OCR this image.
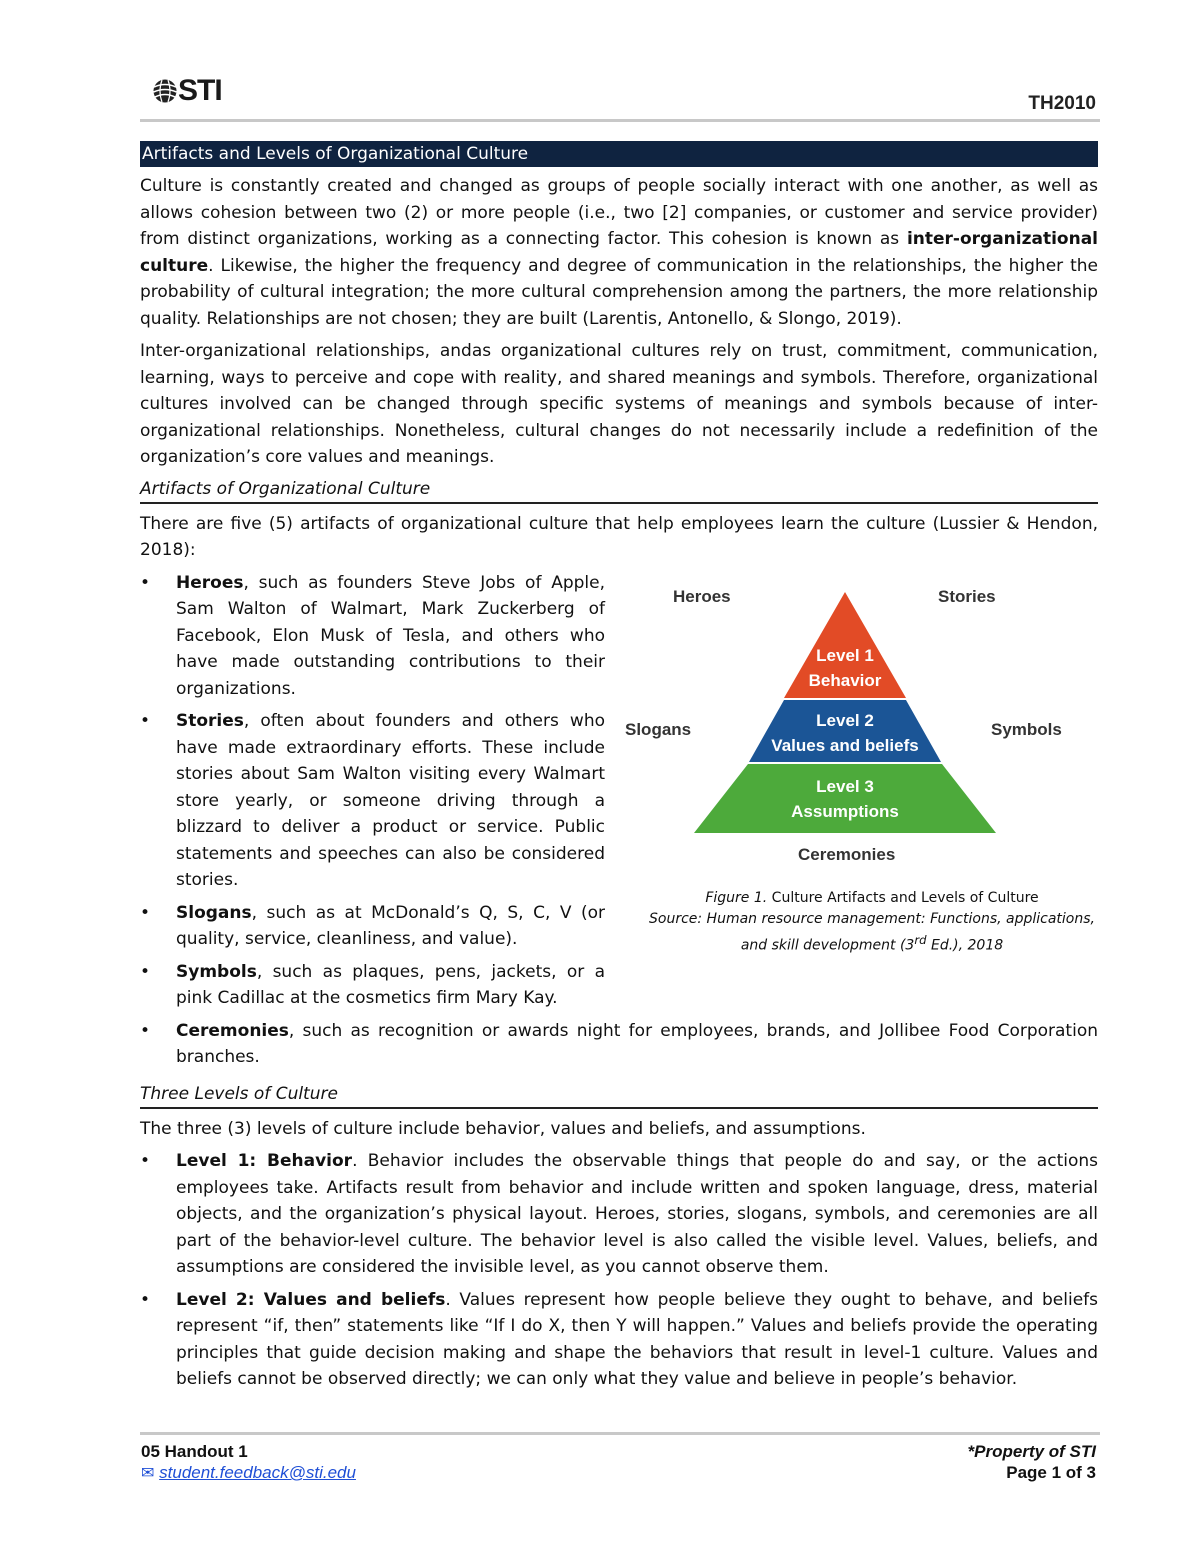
STI	TH2010
Artifacts and Levels of Organizational Culture

Culture is constantly created and changed as groups of people socially interact with one another, as well as allows cohesion between two (2) or more people (i.e., two [2] companies, or customer and service provider) from distinct organizations, working as a connecting factor. This cohesion is known as inter-organizational culture. Likewise, the higher the frequency and degree of communication in the relationships, the higher the probability of cultural integration; the more cultural comprehension among the partners, the more relationship quality. Relationships are not chosen; they are built (Larentis, Antonello, & Slongo, 2019).

Inter-organizational relationships, andas organizational cultures rely on trust, commitment, communication, learning, ways to perceive and cope with reality, and shared meanings and symbols. Therefore, organizational cultures involved can be changed through specific systems of meanings and symbols because of inter-organizational relationships. Nonetheless, cultural changes do not necessarily include a redefinition of the organization’s core values and meanings.

Artifacts of Organizational Culture

There are five (5) artifacts of organizational culture that help employees learn the culture (Lussier & Hendon, 2018):

• Heroes, such as founders Steve Jobs of Apple, Sam Walton of Walmart, Mark Zuckerberg of Facebook, Elon Musk of Tesla, and others who have made outstanding contributions to their organizations.
• Stories, often about founders and others who have made extraordinary efforts. These include stories about Sam Walton visiting every Walmart store yearly, or someone driving through a blizzard to deliver a product or service. Public statements and speeches can also be considered stories.
• Slogans, such as at McDonald’s Q, S, C, V (or quality, service, cleanliness, and value).
• Symbols, such as plaques, pens, jackets, or a pink Cadillac at the cosmetics firm Mary Kay.
Level 1
Behavior
Level 2
Values and beliefs
Level 3
Assumptions
Heroes	Stories
Slogans	Symbols
Ceremonies
Figure 1. Culture Artifacts and Levels of Culture
Source: Human resource management: Functions, applications,
and skill development (3rd Ed.), 2018
• Ceremonies, such as recognition or awards night for employees, brands, and Jollibee Food Corporation branches.
Three Levels of Culture

The three (3) levels of culture include behavior, values and beliefs, and assumptions.

• Level 1: Behavior. Behavior includes the observable things that people do and say, or the actions employees take. Artifacts result from behavior and include written and spoken language, dress, material objects, and the organization’s physical layout. Heroes, stories, slogans, symbols, and ceremonies are all part of the behavior-level culture. The behavior level is also called the visible level. Values, beliefs, and assumptions are considered the invisible level, as you cannot observe them.
• Level 2: Values and beliefs. Values represent how people believe they ought to behave, and beliefs represent “if, then” statements like “If I do X, then Y will happen.” Values and beliefs provide the operating principles that guide decision making and shape the behaviors that result in level-1 culture. Values and beliefs cannot be observed directly; we can only what they value and believe in people’s behavior.
05 Handout 1
✉ student.feedback@sti.edu
*Property of STI
Page 1 of 3
